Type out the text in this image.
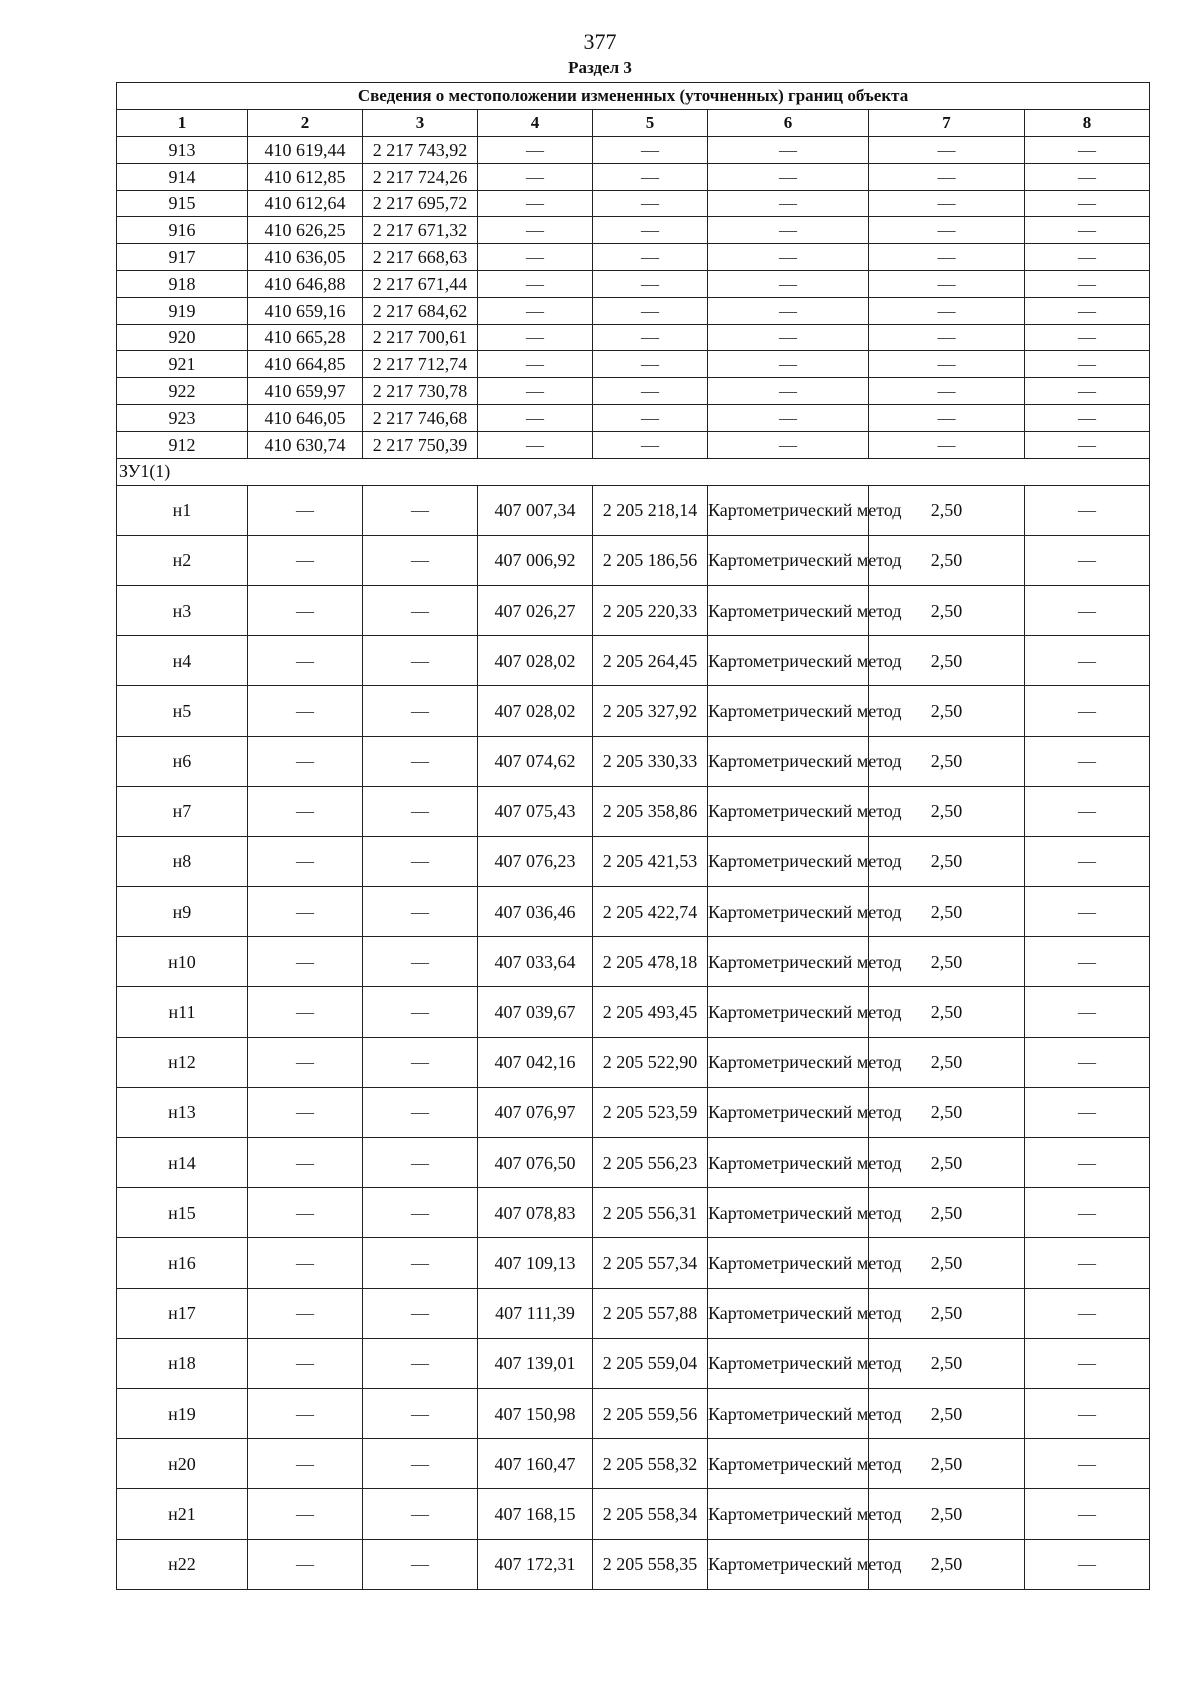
377
Раздел 3
Сведения о местоположении измененных (уточненных) границ объекта							
1	2	3	4	5	6	7	8
913	410 619,44	2 217 743,92	—	—	—	—	—
914	410 612,85	2 217 724,26	—	—	—	—	—
915	410 612,64	2 217 695,72	—	—	—	—	—
916	410 626,25	2 217 671,32	—	—	—	—	—
917	410 636,05	2 217 668,63	—	—	—	—	—
918	410 646,88	2 217 671,44	—	—	—	—	—
919	410 659,16	2 217 684,62	—	—	—	—	—
920	410 665,28	2 217 700,61	—	—	—	—	—
921	410 664,85	2 217 712,74	—	—	—	—	—
922	410 659,97	2 217 730,78	—	—	—	—	—
923	410 646,05	2 217 746,68	—	—	—	—	—
912	410 630,74	2 217 750,39	—	—	—	—	—
ЗУ1(1)							
н1	—	—	407 007,34	2 205 218,14	Картометрический метод	2,50	—
н2	—	—	407 006,92	2 205 186,56	Картометрический метод	2,50	—
н3	—	—	407 026,27	2 205 220,33	Картометрический метод	2,50	—
н4	—	—	407 028,02	2 205 264,45	Картометрический метод	2,50	—
н5	—	—	407 028,02	2 205 327,92	Картометрический метод	2,50	—
н6	—	—	407 074,62	2 205 330,33	Картометрический метод	2,50	—
н7	—	—	407 075,43	2 205 358,86	Картометрический метод	2,50	—
н8	—	—	407 076,23	2 205 421,53	Картометрический метод	2,50	—
н9	—	—	407 036,46	2 205 422,74	Картометрический метод	2,50	—
н10	—	—	407 033,64	2 205 478,18	Картометрический метод	2,50	—
н11	—	—	407 039,67	2 205 493,45	Картометрический метод	2,50	—
н12	—	—	407 042,16	2 205 522,90	Картометрический метод	2,50	—
н13	—	—	407 076,97	2 205 523,59	Картометрический метод	2,50	—
н14	—	—	407 076,50	2 205 556,23	Картометрический метод	2,50	—
н15	—	—	407 078,83	2 205 556,31	Картометрический метод	2,50	—
н16	—	—	407 109,13	2 205 557,34	Картометрический метод	2,50	—
н17	—	—	407 111,39	2 205 557,88	Картометрический метод	2,50	—
н18	—	—	407 139,01	2 205 559,04	Картометрический метод	2,50	—
н19	—	—	407 150,98	2 205 559,56	Картометрический метод	2,50	—
н20	—	—	407 160,47	2 205 558,32	Картометрический метод	2,50	—
н21	—	—	407 168,15	2 205 558,34	Картометрический метод	2,50	—
н22	—	—	407 172,31	2 205 558,35	Картометрический метод	2,50	—
